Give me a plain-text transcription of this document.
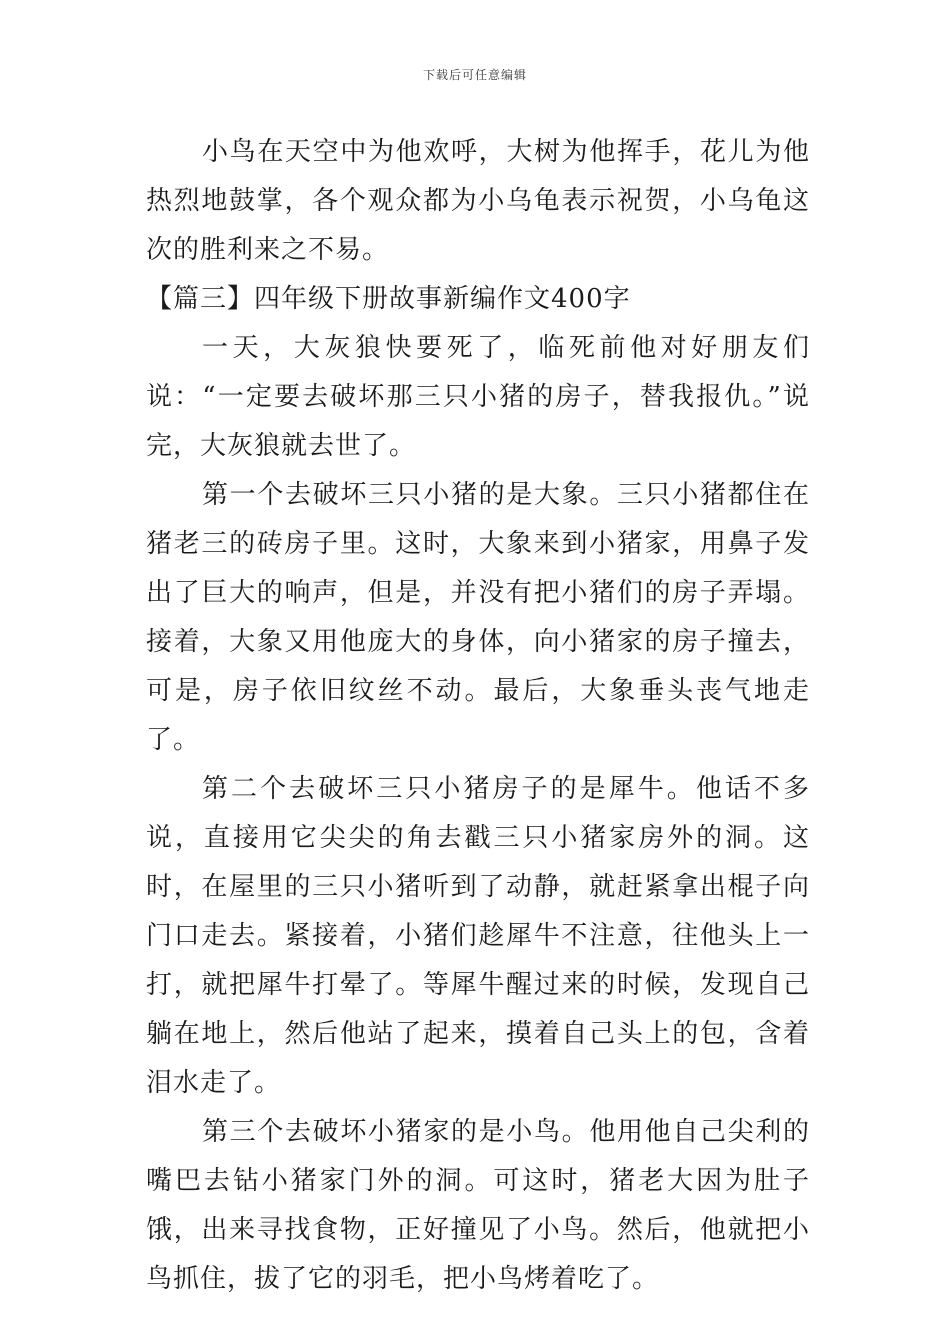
下载后可任意编辑

小鸟在天空中为他欢呼，大树为他挥手，花儿为他热烈地鼓掌，各个观众都为小乌龟表示祝贺，小乌龟这次的胜利来之不易。

【篇三】四年级下册故事新编作文400字

一天，大灰狼快要死了，临死前他对好朋友们说：“一定要去破坏那三只小猪的房子，替我报仇。”说完，大灰狼就去世了。

第一个去破坏三只小猪的是大象。三只小猪都住在猪老三的砖房子里。这时，大象来到小猪家，用鼻子发出了巨大的响声，但是，并没有把小猪们的房子弄塌。接着，大象又用他庞大的身体，向小猪家的房子撞去，可是，房子依旧纹丝不动。最后，大象垂头丧气地走了。

第二个去破坏三只小猪房子的是犀牛。他话不多说，直接用它尖尖的角去戳三只小猪家房外的洞。这时，在屋里的三只小猪听到了动静，就赶紧拿出棍子向门口走去。紧接着，小猪们趁犀牛不注意，往他头上一打，就把犀牛打晕了。等犀牛醒过来的时候，发现自己躺在地上，然后他站了起来，摸着自己头上的包，含着泪水走了。

第三个去破坏小猪家的是小鸟。他用他自己尖利的嘴巴去钻小猪家门外的洞。可这时，猪老大因为肚子饿，出来寻找食物，正好撞见了小鸟。然后，他就把小鸟抓住，拔了它的羽毛，把小鸟烤着吃了。
